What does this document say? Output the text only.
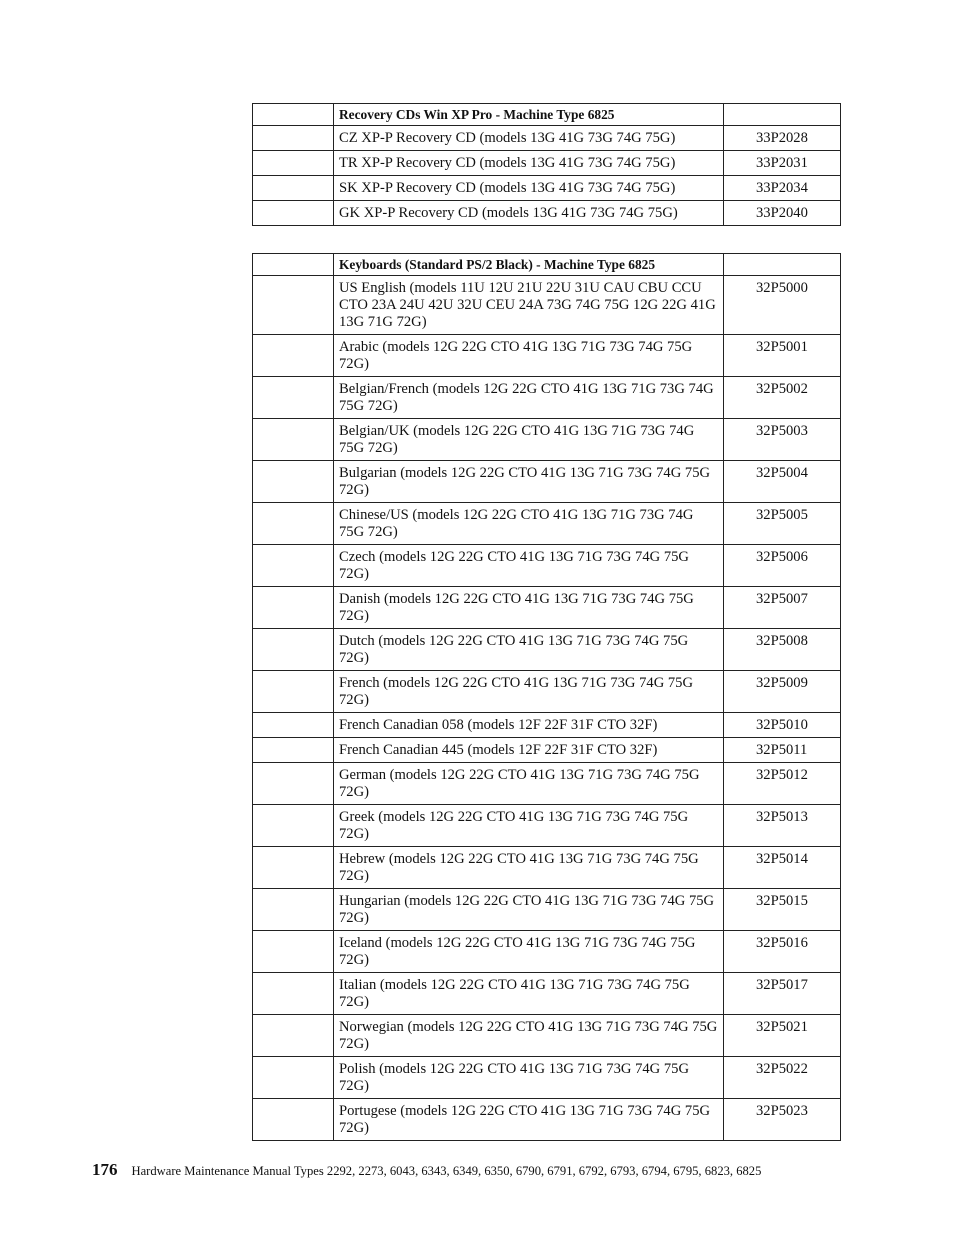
	Recovery CDs Win XP Pro - Machine Type 6825	
	CZ XP-P Recovery CD (models 13G 41G 73G 74G 75G)	33P2028
	TR XP-P Recovery CD (models 13G 41G 73G 74G 75G)	33P2031
	SK XP-P Recovery CD (models 13G 41G 73G 74G 75G)	33P2034
	GK XP-P Recovery CD (models 13G 41G 73G 74G 75G)	33P2040
	Keyboards (Standard PS/2 Black) - Machine Type 6825	
	US English (models 11U 12U 21U 22U 31U CAU CBU CCU CTO 23A 24U 42U 32U CEU 24A 73G 74G 75G 12G 22G 41G 13G 71G 72G)	32P5000
	Arabic (models 12G 22G CTO 41G 13G 71G 73G 74G 75G 72G)	32P5001
	Belgian/French (models 12G 22G CTO 41G 13G 71G 73G 74G 75G 72G)	32P5002
	Belgian/UK (models 12G 22G CTO 41G 13G 71G 73G 74G 75G 72G)	32P5003
	Bulgarian (models 12G 22G CTO 41G 13G 71G 73G 74G 75G 72G)	32P5004
	Chinese/US (models 12G 22G CTO 41G 13G 71G 73G 74G 75G 72G)	32P5005
	Czech (models 12G 22G CTO 41G 13G 71G 73G 74G 75G 72G)	32P5006
	Danish (models 12G 22G CTO 41G 13G 71G 73G 74G 75G 72G)	32P5007
	Dutch (models 12G 22G CTO 41G 13G 71G 73G 74G 75G 72G)	32P5008
	French (models 12G 22G CTO 41G 13G 71G 73G 74G 75G 72G)	32P5009
	French Canadian 058 (models 12F 22F 31F CTO 32F)	32P5010
	French Canadian 445 (models 12F 22F 31F CTO 32F)	32P5011
	German (models 12G 22G CTO 41G 13G 71G 73G 74G 75G 72G)	32P5012
	Greek (models 12G 22G CTO 41G 13G 71G 73G 74G 75G 72G)	32P5013
	Hebrew (models 12G 22G CTO 41G 13G 71G 73G 74G 75G 72G)	32P5014
	Hungarian (models 12G 22G CTO 41G 13G 71G 73G 74G 75G 72G)	32P5015
	Iceland (models 12G 22G CTO 41G 13G 71G 73G 74G 75G 72G)	32P5016
	Italian (models 12G 22G CTO 41G 13G 71G 73G 74G 75G 72G)	32P5017
	Norwegian (models 12G 22G CTO 41G 13G 71G 73G 74G 75G 72G)	32P5021
	Polish (models 12G 22G CTO 41G 13G 71G 73G 74G 75G 72G)	32P5022
	Portugese (models 12G 22G CTO 41G 13G 71G 73G 74G 75G 72G)	32P5023
176 Hardware Maintenance Manual Types 2292, 2273, 6043, 6343, 6349, 6350, 6790, 6791, 6792, 6793, 6794, 6795, 6823, 6825
